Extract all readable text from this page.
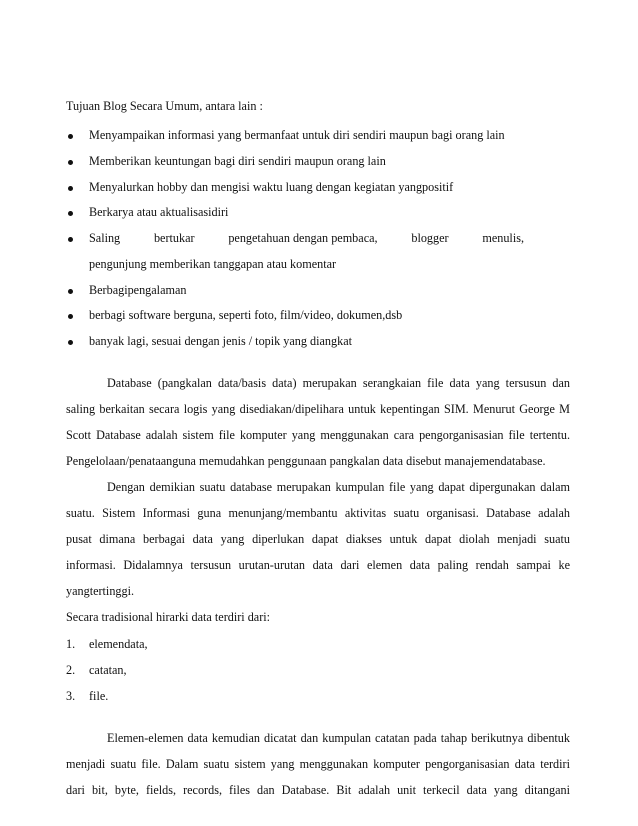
Tujuan Blog Secara Umum, antara lain :
Menyampaikan informasi yang bermanfaat untuk diri sendiri maupun bagi orang lain
Memberikan keuntungan bagi diri sendiri maupun orang lain
Menyalurkan hobby dan mengisi waktu luang dengan kegiatan yangpositif
Berkarya atau aktualisasidiri
Saling	bertukar	pengetahuan dengan pembaca,	blogger	menulis,
pengunjung memberikan tanggapan atau komentar
Berbagipengalaman
berbagi software berguna, seperti foto, film/video, dokumen,dsb
banyak lagi, sesuai dengan jenis / topik yang diangkat
Database (pangkalan data/basis data) merupakan serangkaian file data yang tersusun dan
saling berkaitan secara logis yang disediakan/dipelihara untuk kepentingan SIM. Menurut George M
Scott Database adalah sistem file komputer yang menggunakan cara pengorganisasian file tertentu.
Pengelolaan/penataanguna memudahkan penggunaan pangkalan data disebut manajemendatabase.
Dengan demikian suatu database merupakan kumpulan file yang dapat dipergunakan dalam
suatu. Sistem Informasi guna menunjang/membantu aktivitas suatu organisasi. Database adalah
pusat dimana berbagai data yang diperlukan dapat diakses untuk dapat diolah menjadi suatu
informasi. Didalamnya tersusun urutan-urutan data dari elemen data paling rendah sampai ke
yangtertinggi.
Secara tradisional hirarki data terdiri dari:
1. elemendata,
2. catatan,
3. file.
Elemen-elemen data kemudian dicatat dan kumpulan catatan pada tahap berikutnya dibentuk
menjadi suatu file. Dalam suatu sistem yang menggunakan komputer pengorganisasian data terdiri
dari bit, byte, fields, records, files dan Database. Bit adalah unit terkecil data yang ditangani
